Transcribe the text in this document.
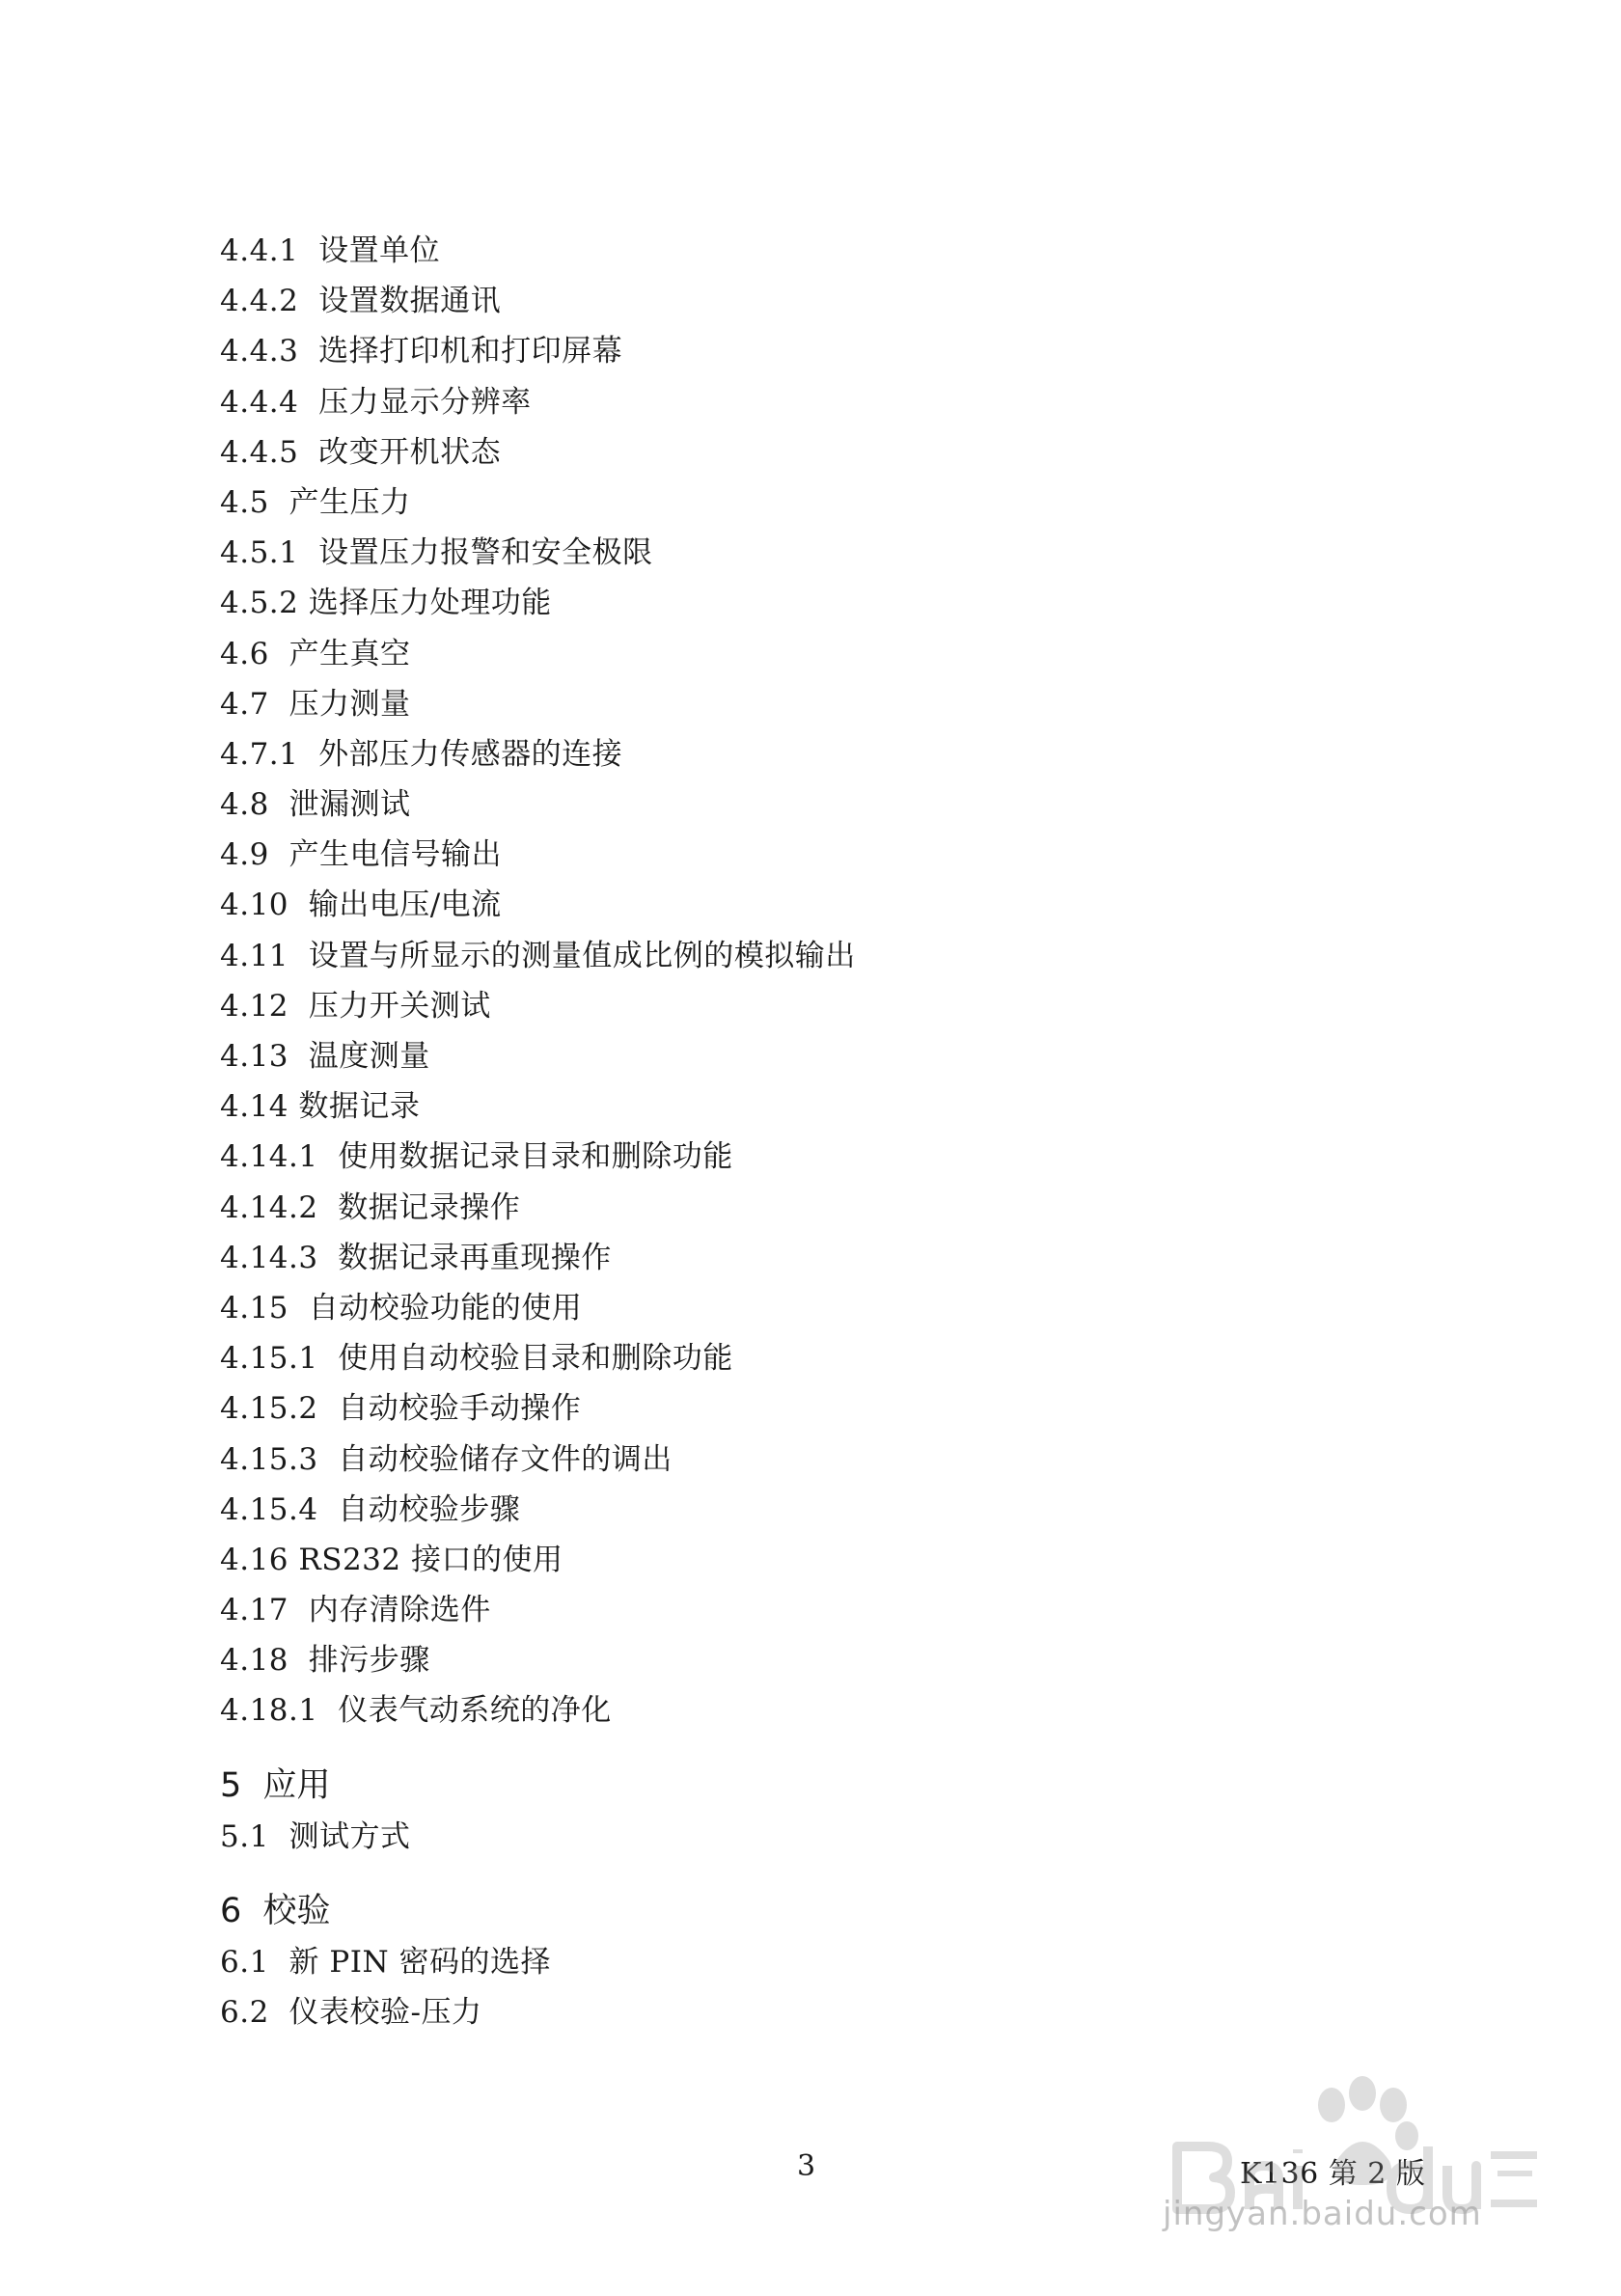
4.4.1  设置单位
4.4.2  设置数据通讯
4.4.3  选择打印机和打印屏幕
4.4.4  压力显示分辨率
4.4.5  改变开机状态
4.5  产生压力
4.5.1  设置压力报警和安全极限
4.5.2 选择压力处理功能
4.6  产生真空
4.7  压力测量
4.7.1  外部压力传感器的连接
4.8  泄漏测试
4.9  产生电信号输出
4.10  输出电压/电流
4.11  设置与所显示的测量值成比例的模拟输出
4.12  压力开关测试
4.13  温度测量
4.14 数据记录
4.14.1  使用数据记录目录和删除功能
4.14.2  数据记录操作
4.14.3  数据记录再重现操作
4.15  自动校验功能的使用
4.15.1  使用自动校验目录和删除功能
4.15.2  自动校验手动操作
4.15.3  自动校验储存文件的调出
4.15.4  自动校验步骤
4.16 RS232 接口的使用
4.17  内存清除选件
4.18  排污步骤
4.18.1  仪表气动系统的净化
5  应用
5.1  测试方式
6  校验
6.1  新 PIN 密码的选择
6.2  仪表校验-压力
3	K136 第 2 版
jingyan.baidu.com
